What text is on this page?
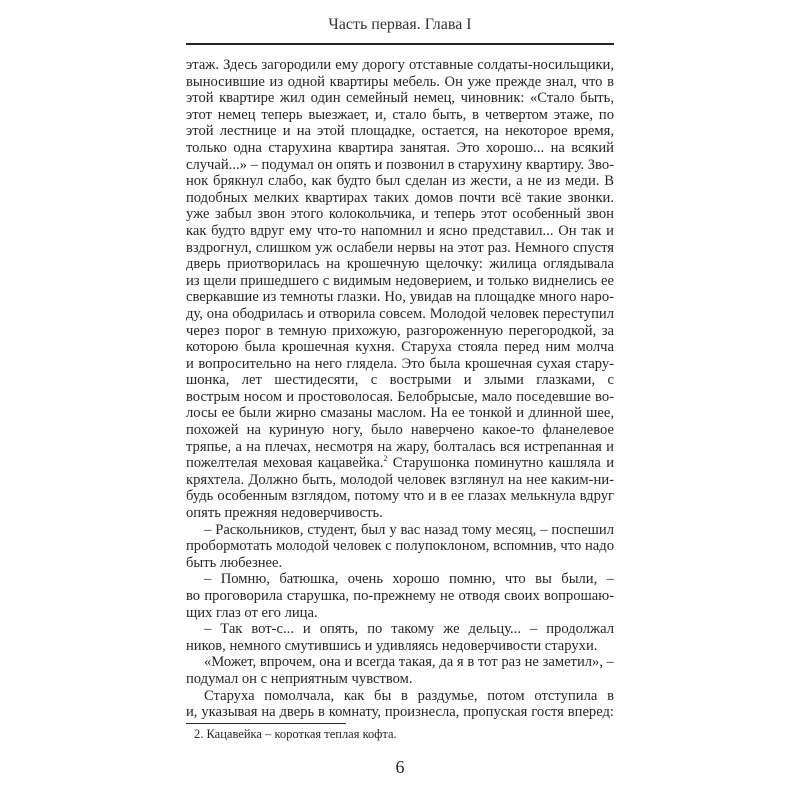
Часть первая. Глава I
этаж. Здесь загородили ему дорогу отставные солдаты-носильщики,
выносившие из одной квартиры мебель. Он уже прежде знал, что в
этой квартире жил один семейный немец, чиновник: «Стало быть,
этот немец теперь выезжает, и, стало быть, в четвертом этаже, по
этой лестнице и на этой площадке, остается, на некоторое время,
только одна старухина квартира занятая. Это хорошо... на всякий
случай...» – подумал он опять и позвонил в старухину квартиру. Зво-
нок брякнул слабо, как будто был сделан из жести, а не из меди. В
подобных мелких квартирах таких домов почти всё такие звонки.
уже забыл звон этого колокольчика, и теперь этот особенный звон
как будто вдруг ему что-то напомнил и ясно представил... Он так и
вздрогнул, слишком уж ослабели нервы на этот раз. Немного спустя
дверь приотворилась на крошечную щелочку: жилица оглядывала
из щели пришедшего с видимым недоверием, и только виднелись ее
сверкавшие из темноты глазки. Но, увидав на площадке много наро-
ду, она ободрилась и отворила совсем. Молодой человек переступил
через порог в темную прихожую, разгороженную перегородкой, за
которою была крошечная кухня. Старуха стояла перед ним молча
и вопросительно на него глядела. Это была крошечная сухая стару-
шонка, лет шестидесяти, с вострыми и злыми глазками, с
вострым носом и простоволосая. Белобрысые, мало поседевшие во-
лосы ее были жирно смазаны маслом. На ее тонкой и длинной шее,
похожей на куриную ногу, было наверчено какое-то фланелевое
тряпье, а на плечах, несмотря на жару, болталась вся истрепанная и
пожелтелая меховая кацавейка.$^2$ Старушонка поминутно кашляла и
кряхтела. Должно быть, молодой человек взглянул на нее каким-ни-
будь особенным взглядом, потому что и в ее глазах мелькнула вдруг
опять прежняя недоверчивость.
– Раскольников, студент, был у вас назад тому месяц, – поспешил
пробормотать молодой человек с полупоклоном, вспомнив, что надо
быть любезнее.
– Помню, батюшка, очень хорошо помню, что вы были, –
во проговорила старушка, по-прежнему не отводя своих вопрошаю-
щих глаз от его лица.
– Так вот-с... и опять, по такому же дельцу... – продолжал
ников, немного смутившись и удивляясь недоверчивости старухи.
«Может, впрочем, она и всегда такая, да я в тот раз не заметил», –
подумал он с неприятным чувством.
Старуха помолчала, как бы в раздумье, потом отступила в
и, указывая на дверь в комнату, произнесла, пропуская гостя вперед:
2. Кацавейка – короткая теплая кофта.
6
